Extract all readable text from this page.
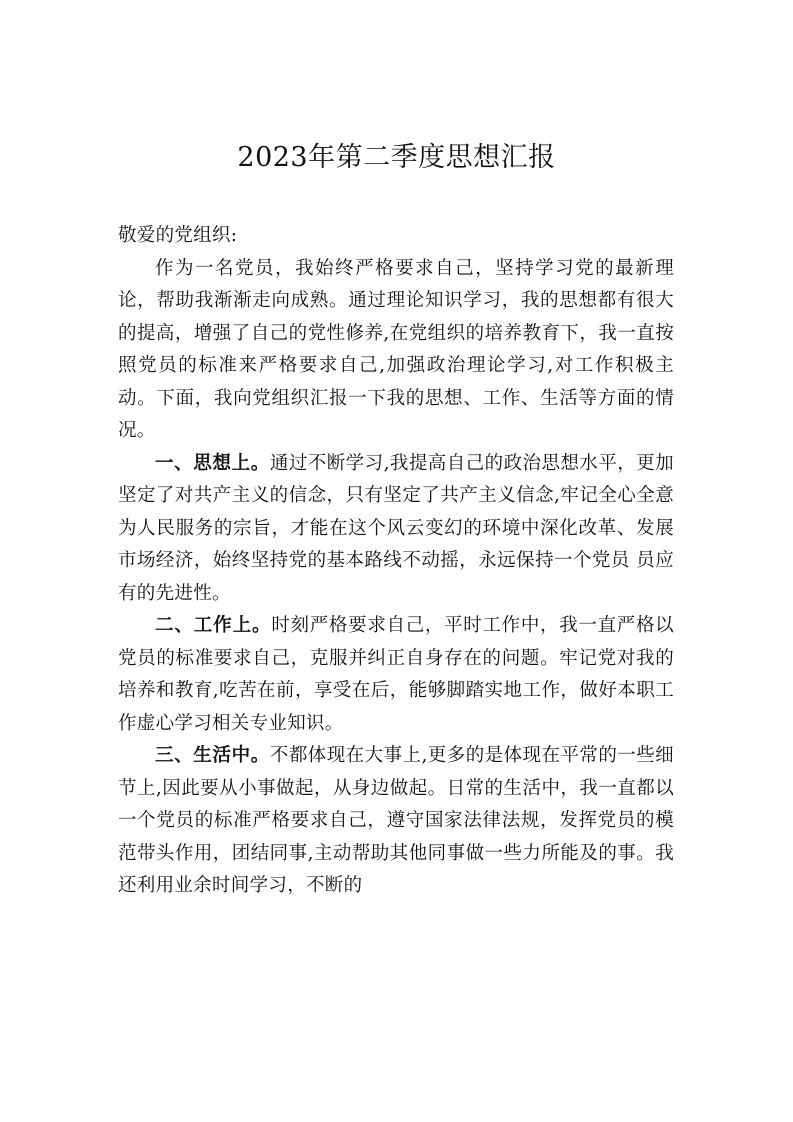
2023年第二季度思想汇报

敬爱的党组织:

作为一名党员，我始终严格要求自己，坚持学习党的最新理论，帮助我渐渐走向成熟。通过理论知识学习，我的思想都有很大的提高，增强了自己的党性修养,在党组织的培养教育下，我一直按照党员的标准来严格要求自己,加强政治理论学习,对工作积极主动。下面，我向党组织汇报一下我的思想、工作、生活等方面的情况。

一、思想上。通过不断学习,我提高自己的政治思想水平，更加坚定了对共产主义的信念，只有坚定了共产主义信念,牢记全心全意为人民服务的宗旨，才能在这个风云变幻的环境中深化改革、发展市场经济，始终坚持党的基本路线不动摇，永远保持一个党员 员应有的先进性。

二、工作上。时刻严格要求自己，平时工作中，我一直严格以党员的标准要求自己，克服并纠正自身存在的问题。牢记党对我的培养和教育,吃苦在前，享受在后，能够脚踏实地工作，做好本职工作虚心学习相关专业知识。

三、生活中。不都体现在大事上,更多的是体现在平常的一些细节上,因此要从小事做起，从身边做起。日常的生活中，我一直都以一个党员的标准严格要求自己，遵守国家法律法规，发挥党员的模范带头作用，团结同事,主动帮助其他同事做一些力所能及的事。我还利用业余时间学习，不断的
